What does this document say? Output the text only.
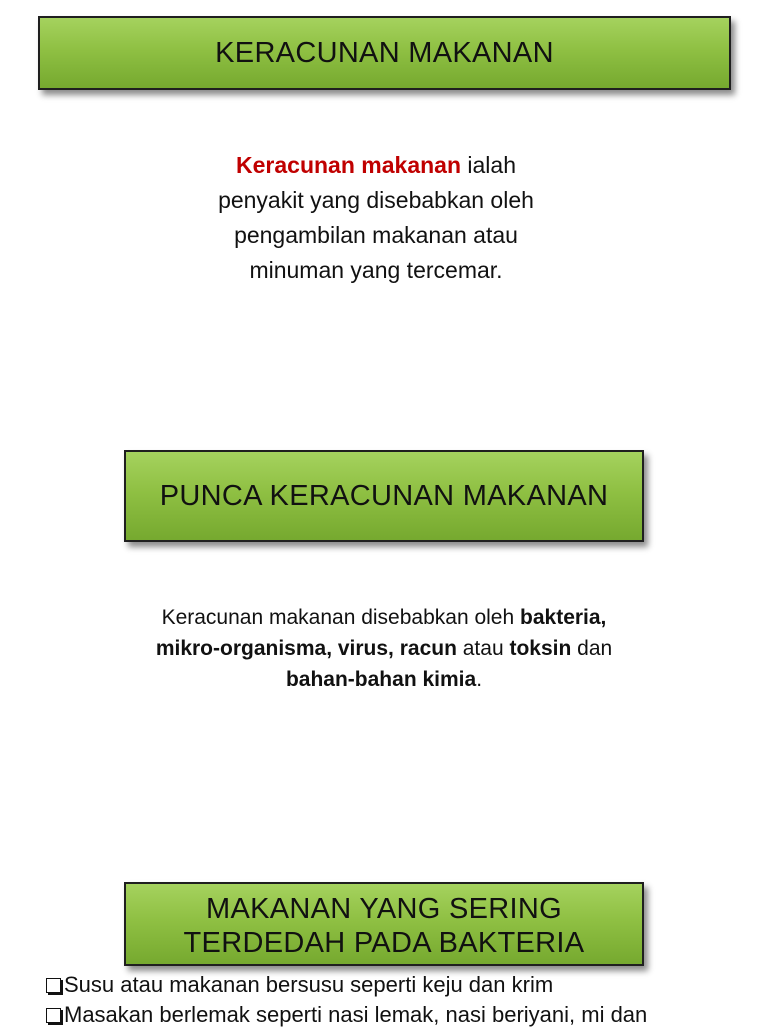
KERACUNAN MAKANAN
Keracunan makanan ialah
penyakit yang disebabkan oleh
pengambilan makanan atau
minuman yang tercemar.
PUNCA KERACUNAN MAKANAN
Keracunan makanan disebabkan oleh bakteria,
mikro-organisma, virus, racun atau toksin dan
bahan-bahan kimia.
MAKANAN YANG SERING
TERDEDAH PADA BAKTERIA
Susu atau makanan bersusu seperti keju dan krim
Masakan berlemak seperti nasi lemak, nasi beriyani, mi dan
